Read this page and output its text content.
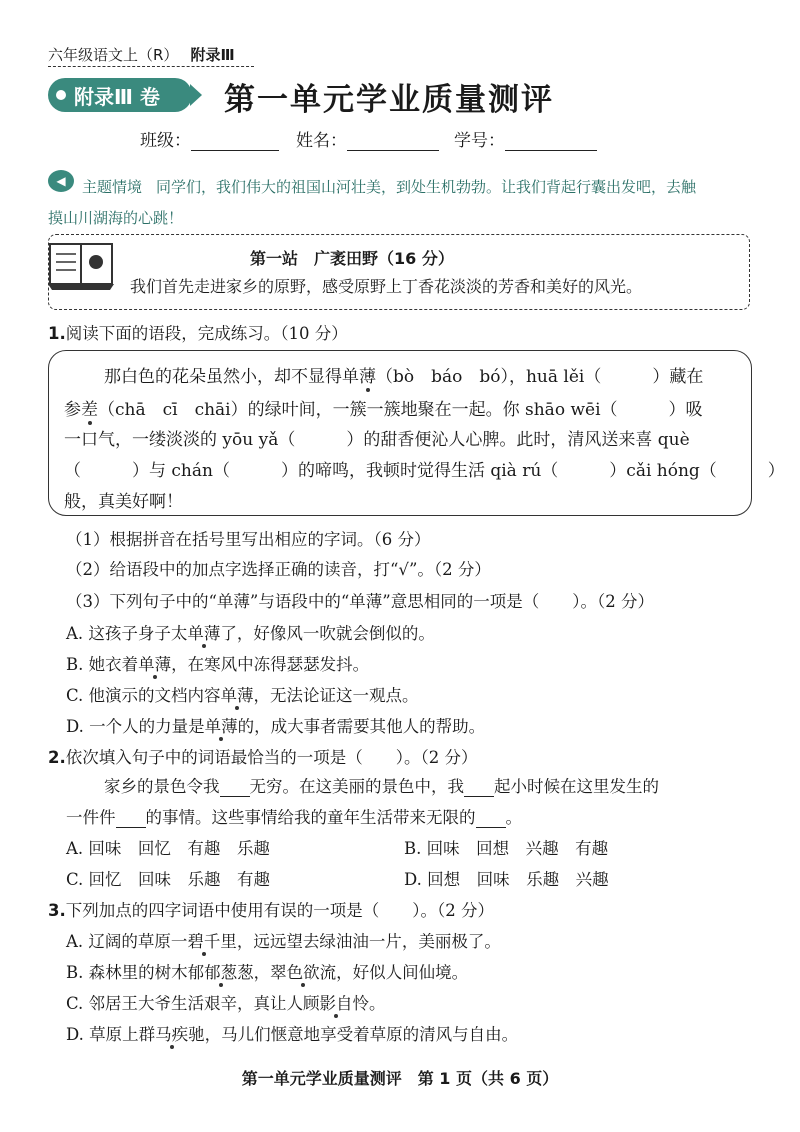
六年级语文上（R） 附录Ⅲ
附录Ⅲ 卷 第一单元学业质量测评
班级：	姓名：	学号：
◀	主题情境 同学们，我们伟大的祖国山河壮美，到处生机勃勃。让我们背起行囊出发吧，去触
摸山川湖海的心跳！
第一站　广袤田野（16 分）
我们首先走进家乡的原野，感受原野上丁香花淡淡的芳香和美好的风光。
1.阅读下面的语段，完成练习。（10 分）
那白色的花朵虽然小，却不显得单薄（bò　báo　bó），huā lěi（　　　）藏在
参差（chā　cī　chāi）的绿叶间，一簇一簇地聚在一起。你 shāo wēi（　　　）吸
一口气，一缕淡淡的 yōu yǎ（　　　）的甜香便沁人心脾。此时，清风送来喜 què
（　　　）与 chán（　　　）的啼鸣，我顿时觉得生活 qià rú（　　　）cǎi hóng（　　　）
般，真美好啊！
（1）根据拼音在括号里写出相应的字词。（6 分）
（2）给语段中的加点字选择正确的读音，打“√”。（2 分）
（3）下列句子中的“单薄”与语段中的“单薄”意思相同的一项是（　　）。（2 分）
A. 这孩子身子太单薄了，好像风一吹就会倒似的。
B. 她衣着单薄，在寒风中冻得瑟瑟发抖。
C. 他演示的文档内容单薄，无法论证这一观点。
D. 一个人的力量是单薄的，成大事者需要其他人的帮助。
2.依次填入句子中的词语最恰当的一项是（　　）。（2 分）
家乡的景色令我 无穷。在这美丽的景色中，我 起小时候在这里发生的
一件件 的事情。这些事情给我的童年生活带来无限的 。
A. 回味　回忆　有趣　乐趣	B. 回味　回想　兴趣　有趣
C. 回忆　回味　乐趣　有趣	D. 回想　回味　乐趣　兴趣
3.下列加点的四字词语中使用有误的一项是（　　）。（2 分）
A. 辽阔的草原一碧千里，远远望去绿油油一片，美丽极了。
B. 森林里的树木郁郁葱葱，翠色欲流，好似人间仙境。
C. 邻居王大爷生活艰辛，真让人顾影自怜。
D. 草原上群马疾驰，马儿们惬意地享受着草原的清风与自由。
第一单元学业质量测评　第 1 页（共 6 页）
